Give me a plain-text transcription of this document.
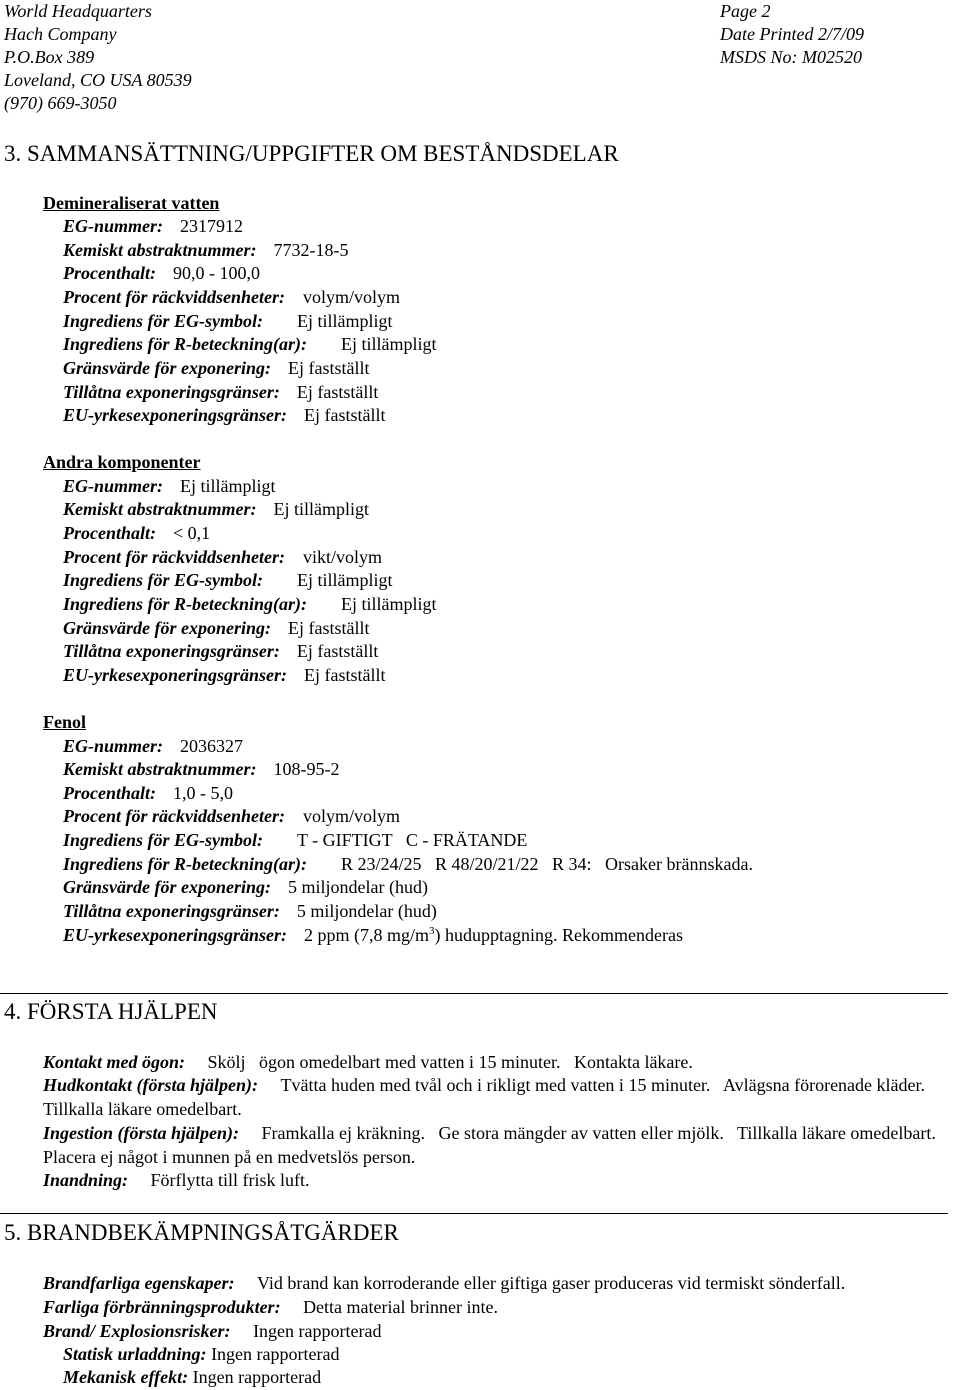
World Headquarters
Hach Company
P.O.Box 389
Loveland, CO USA 80539
(970) 669-3050
Page 2
Date Printed 2/7/09
MSDS No: M02520
3. SAMMANSÄTTNING/UPPGIFTER OM BESTÅNDSDELAR
Demineraliserat vatten
EG-nummer: 2317912
Kemiskt abstraktnummer: 7732-18-5
Procenthalt: 90,0 - 100,0
Procent för räckviddsenheter: volym/volym
Ingrediens för EG-symbol: Ej tillämpligt
Ingrediens för R-beteckning(ar): Ej tillämpligt
Gränsvärde för exponering: Ej fastställt
Tillåtna exponeringsgränser: Ej fastställt
EU-yrkesexponeringsgränser: Ej fastställt
Andra komponenter
EG-nummer: Ej tillämpligt
Kemiskt abstraktnummer: Ej tillämpligt
Procenthalt: < 0,1
Procent för räckviddsenheter: vikt/volym
Ingrediens för EG-symbol: Ej tillämpligt
Ingrediens för R-beteckning(ar): Ej tillämpligt
Gränsvärde för exponering: Ej fastställt
Tillåtna exponeringsgränser: Ej fastställt
EU-yrkesexponeringsgränser: Ej fastställt
Fenol
EG-nummer: 2036327
Kemiskt abstraktnummer: 108-95-2
Procenthalt: 1,0 - 5,0
Procent för räckviddsenheter: volym/volym
Ingrediens för EG-symbol: T - GIFTIGT   C - FRÄTANDE
Ingrediens för R-beteckning(ar): R 23/24/25   R 48/20/21/22   R 34:   Orsaker brännskada.
Gränsvärde för exponering: 5 miljondelar (hud)
Tillåtna exponeringsgränser: 5 miljondelar (hud)
EU-yrkesexponeringsgränser: 2 ppm (7,8 $mg/m^3$) hudupptagning. Rekommenderas
4. FÖRSTA HJÄLPEN
Kontakt med ögon: Skölj   ögon omedelbart med vatten i 15 minuter.   Kontakta läkare.
Hudkontakt (första hjälpen): Tvätta huden med tvål och i rikligt med vatten i 15 minuter.   Avlägsna förorenade kläder.   Tillkalla läkare omedelbart.
Ingestion (första hjälpen): Framkalla ej kräkning.   Ge stora mängder av vatten eller mjölk.   Tillkalla läkare omedelbart.   Placera ej något i munnen på en medvetslös person.
Inandning: Förflytta till frisk luft.
5. BRANDBEKÄMPNINGSÅTGÄRDER
Brandfarliga egenskaper: Vid brand kan korroderande eller giftiga gaser produceras vid termiskt sönderfall.
Farliga förbränningsprodukter: Detta material brinner inte.
Brand/ Explosionsrisker: Ingen rapporterad
Statisk urladdning: Ingen rapporterad
Mekanisk effekt: Ingen rapporterad
